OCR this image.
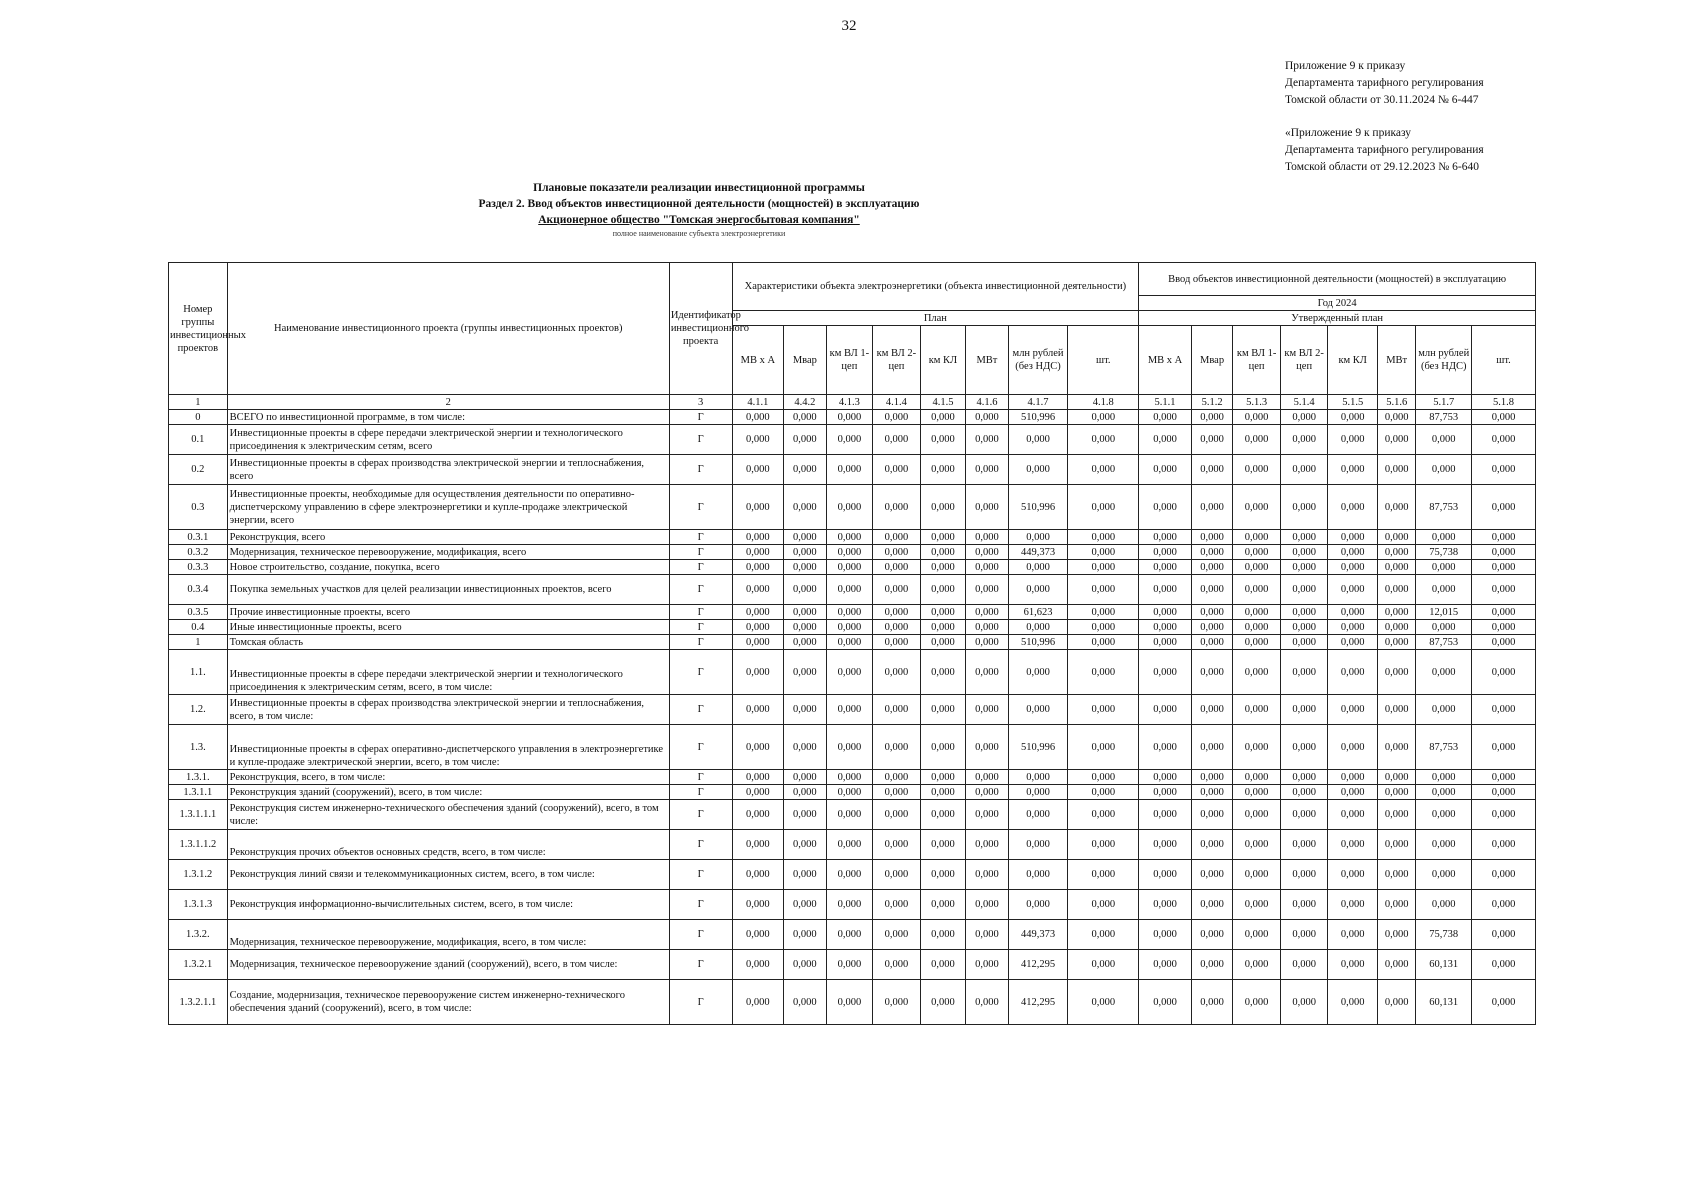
32
Приложение 9 к приказу
Департамента тарифного регулирования
Томской области от 30.11.2024 № 6-447
«Приложение 9 к приказу
Департамента тарифного регулирования
Томской области от 29.12.2023 № 6-640
Плановые показатели реализации инвестиционной программы
Раздел 2. Ввод объектов инвестиционной деятельности (мощностей) в эксплуатацию
Акционерное общество "Томская энергосбытовая компания"
полное наименование субъекта электроэнергетики
Номер группы инвестиционных проектов	Наименование инвестиционного проекта (группы инвестиционных проектов)	Идентификатор инвестиционного проекта	Характеристики объекта электроэнергетики (объекта инвестиционной деятельности)								Ввод объектов инвестиционной деятельности (мощностей) в эксплуатацию							
											Год 2024							
			План								Утвержденный план							
			МВ х А	Мвар	км ВЛ 1-цеп	км ВЛ 2-цеп	км КЛ	МВт	млн рублей (без НДС)	шт.	МВ х А	Мвар	км ВЛ 1-цеп	км ВЛ 2-цеп	км КЛ	МВт	млн рублей (без НДС)	шт.
1	2	3	4.1.1	4.4.2	4.1.3	4.1.4	4.1.5	4.1.6	4.1.7	4.1.8	5.1.1	5.1.2	5.1.3	5.1.4	5.1.5	5.1.6	5.1.7	5.1.8
0	ВСЕГО по инвестиционной программе, в том числе:	Г	0,000	0,000	0,000	0,000	0,000	0,000	510,996	0,000	0,000	0,000	0,000	0,000	0,000	0,000	87,753	0,000
0.1	Инвестиционные проекты в сфере передачи электрической энергии и технологического присоединения к электрическим сетям, всего	Г	0,000	0,000	0,000	0,000	0,000	0,000	0,000	0,000	0,000	0,000	0,000	0,000	0,000	0,000	0,000	0,000
0.2	Инвестиционные проекты в сферах производства электрической энергии и теплоснабжения, всего	Г	0,000	0,000	0,000	0,000	0,000	0,000	0,000	0,000	0,000	0,000	0,000	0,000	0,000	0,000	0,000	0,000
0.3	Инвестиционные проекты, необходимые для осуществления деятельности по оперативно-диспетчерскому управлению в сфере электроэнергетики и купле-продаже электрической энергии, всего	Г	0,000	0,000	0,000	0,000	0,000	0,000	510,996	0,000	0,000	0,000	0,000	0,000	0,000	0,000	87,753	0,000
0.3.1	Реконструкция, всего	Г	0,000	0,000	0,000	0,000	0,000	0,000	0,000	0,000	0,000	0,000	0,000	0,000	0,000	0,000	0,000	0,000
0.3.2	Модернизация, техническое перевооружение, модификация, всего	Г	0,000	0,000	0,000	0,000	0,000	0,000	449,373	0,000	0,000	0,000	0,000	0,000	0,000	0,000	75,738	0,000
0.3.3	Новое строительство, создание, покупка, всего	Г	0,000	0,000	0,000	0,000	0,000	0,000	0,000	0,000	0,000	0,000	0,000	0,000	0,000	0,000	0,000	0,000
0.3.4	Покупка земельных участков для целей реализации инвестиционных проектов, всего	Г	0,000	0,000	0,000	0,000	0,000	0,000	0,000	0,000	0,000	0,000	0,000	0,000	0,000	0,000	0,000	0,000
0.3.5	Прочие инвестиционные проекты, всего	Г	0,000	0,000	0,000	0,000	0,000	0,000	61,623	0,000	0,000	0,000	0,000	0,000	0,000	0,000	12,015	0,000
0.4	Иные инвестиционные проекты, всего	Г	0,000	0,000	0,000	0,000	0,000	0,000	0,000	0,000	0,000	0,000	0,000	0,000	0,000	0,000	0,000	0,000
1	Томская область	Г	0,000	0,000	0,000	0,000	0,000	0,000	510,996	0,000	0,000	0,000	0,000	0,000	0,000	0,000	87,753	0,000
1.1.	Инвестиционные проекты в сфере передачи электрической энергии и технологического присоединения к электрическим сетям, всего, в том числе:	Г	0,000	0,000	0,000	0,000	0,000	0,000	0,000	0,000	0,000	0,000	0,000	0,000	0,000	0,000	0,000	0,000
1.2.	Инвестиционные проекты в сферах производства электрической энергии и теплоснабжения, всего, в том числе:	Г	0,000	0,000	0,000	0,000	0,000	0,000	0,000	0,000	0,000	0,000	0,000	0,000	0,000	0,000	0,000	0,000
1.3.	Инвестиционные проекты в сферах оперативно-диспетчерского управления в электроэнергетике и купле-продаже электрической энергии, всего, в том числе:	Г	0,000	0,000	0,000	0,000	0,000	0,000	510,996	0,000	0,000	0,000	0,000	0,000	0,000	0,000	87,753	0,000
1.3.1.	Реконструкция, всего, в том числе:	Г	0,000	0,000	0,000	0,000	0,000	0,000	0,000	0,000	0,000	0,000	0,000	0,000	0,000	0,000	0,000	0,000
1.3.1.1	Реконструкция зданий (сооружений), всего, в том числе:	Г	0,000	0,000	0,000	0,000	0,000	0,000	0,000	0,000	0,000	0,000	0,000	0,000	0,000	0,000	0,000	0,000
1.3.1.1.1	Реконструкция систем инженерно-технического обеспечения зданий (сооружений), всего, в том числе:	Г	0,000	0,000	0,000	0,000	0,000	0,000	0,000	0,000	0,000	0,000	0,000	0,000	0,000	0,000	0,000	0,000
1.3.1.1.2	Реконструкция прочих объектов основных средств, всего, в том числе:	Г	0,000	0,000	0,000	0,000	0,000	0,000	0,000	0,000	0,000	0,000	0,000	0,000	0,000	0,000	0,000	0,000
1.3.1.2	Реконструкция линий связи и телекоммуникационных систем, всего, в том числе:	Г	0,000	0,000	0,000	0,000	0,000	0,000	0,000	0,000	0,000	0,000	0,000	0,000	0,000	0,000	0,000	0,000
1.3.1.3	Реконструкция информационно-вычислительных систем, всего, в том числе:	Г	0,000	0,000	0,000	0,000	0,000	0,000	0,000	0,000	0,000	0,000	0,000	0,000	0,000	0,000	0,000	0,000
1.3.2.	Модернизация, техническое перевооружение, модификация, всего, в том числе:	Г	0,000	0,000	0,000	0,000	0,000	0,000	449,373	0,000	0,000	0,000	0,000	0,000	0,000	0,000	75,738	0,000
1.3.2.1	Модернизация, техническое перевооружение зданий (сооружений), всего, в том числе:	Г	0,000	0,000	0,000	0,000	0,000	0,000	412,295	0,000	0,000	0,000	0,000	0,000	0,000	0,000	60,131	0,000
1.3.2.1.1	Создание, модернизация, техническое перевооружение систем инженерно-технического обеспечения зданий (сооружений), всего, в том числе:	Г	0,000	0,000	0,000	0,000	0,000	0,000	412,295	0,000	0,000	0,000	0,000	0,000	0,000	0,000	60,131	0,000
